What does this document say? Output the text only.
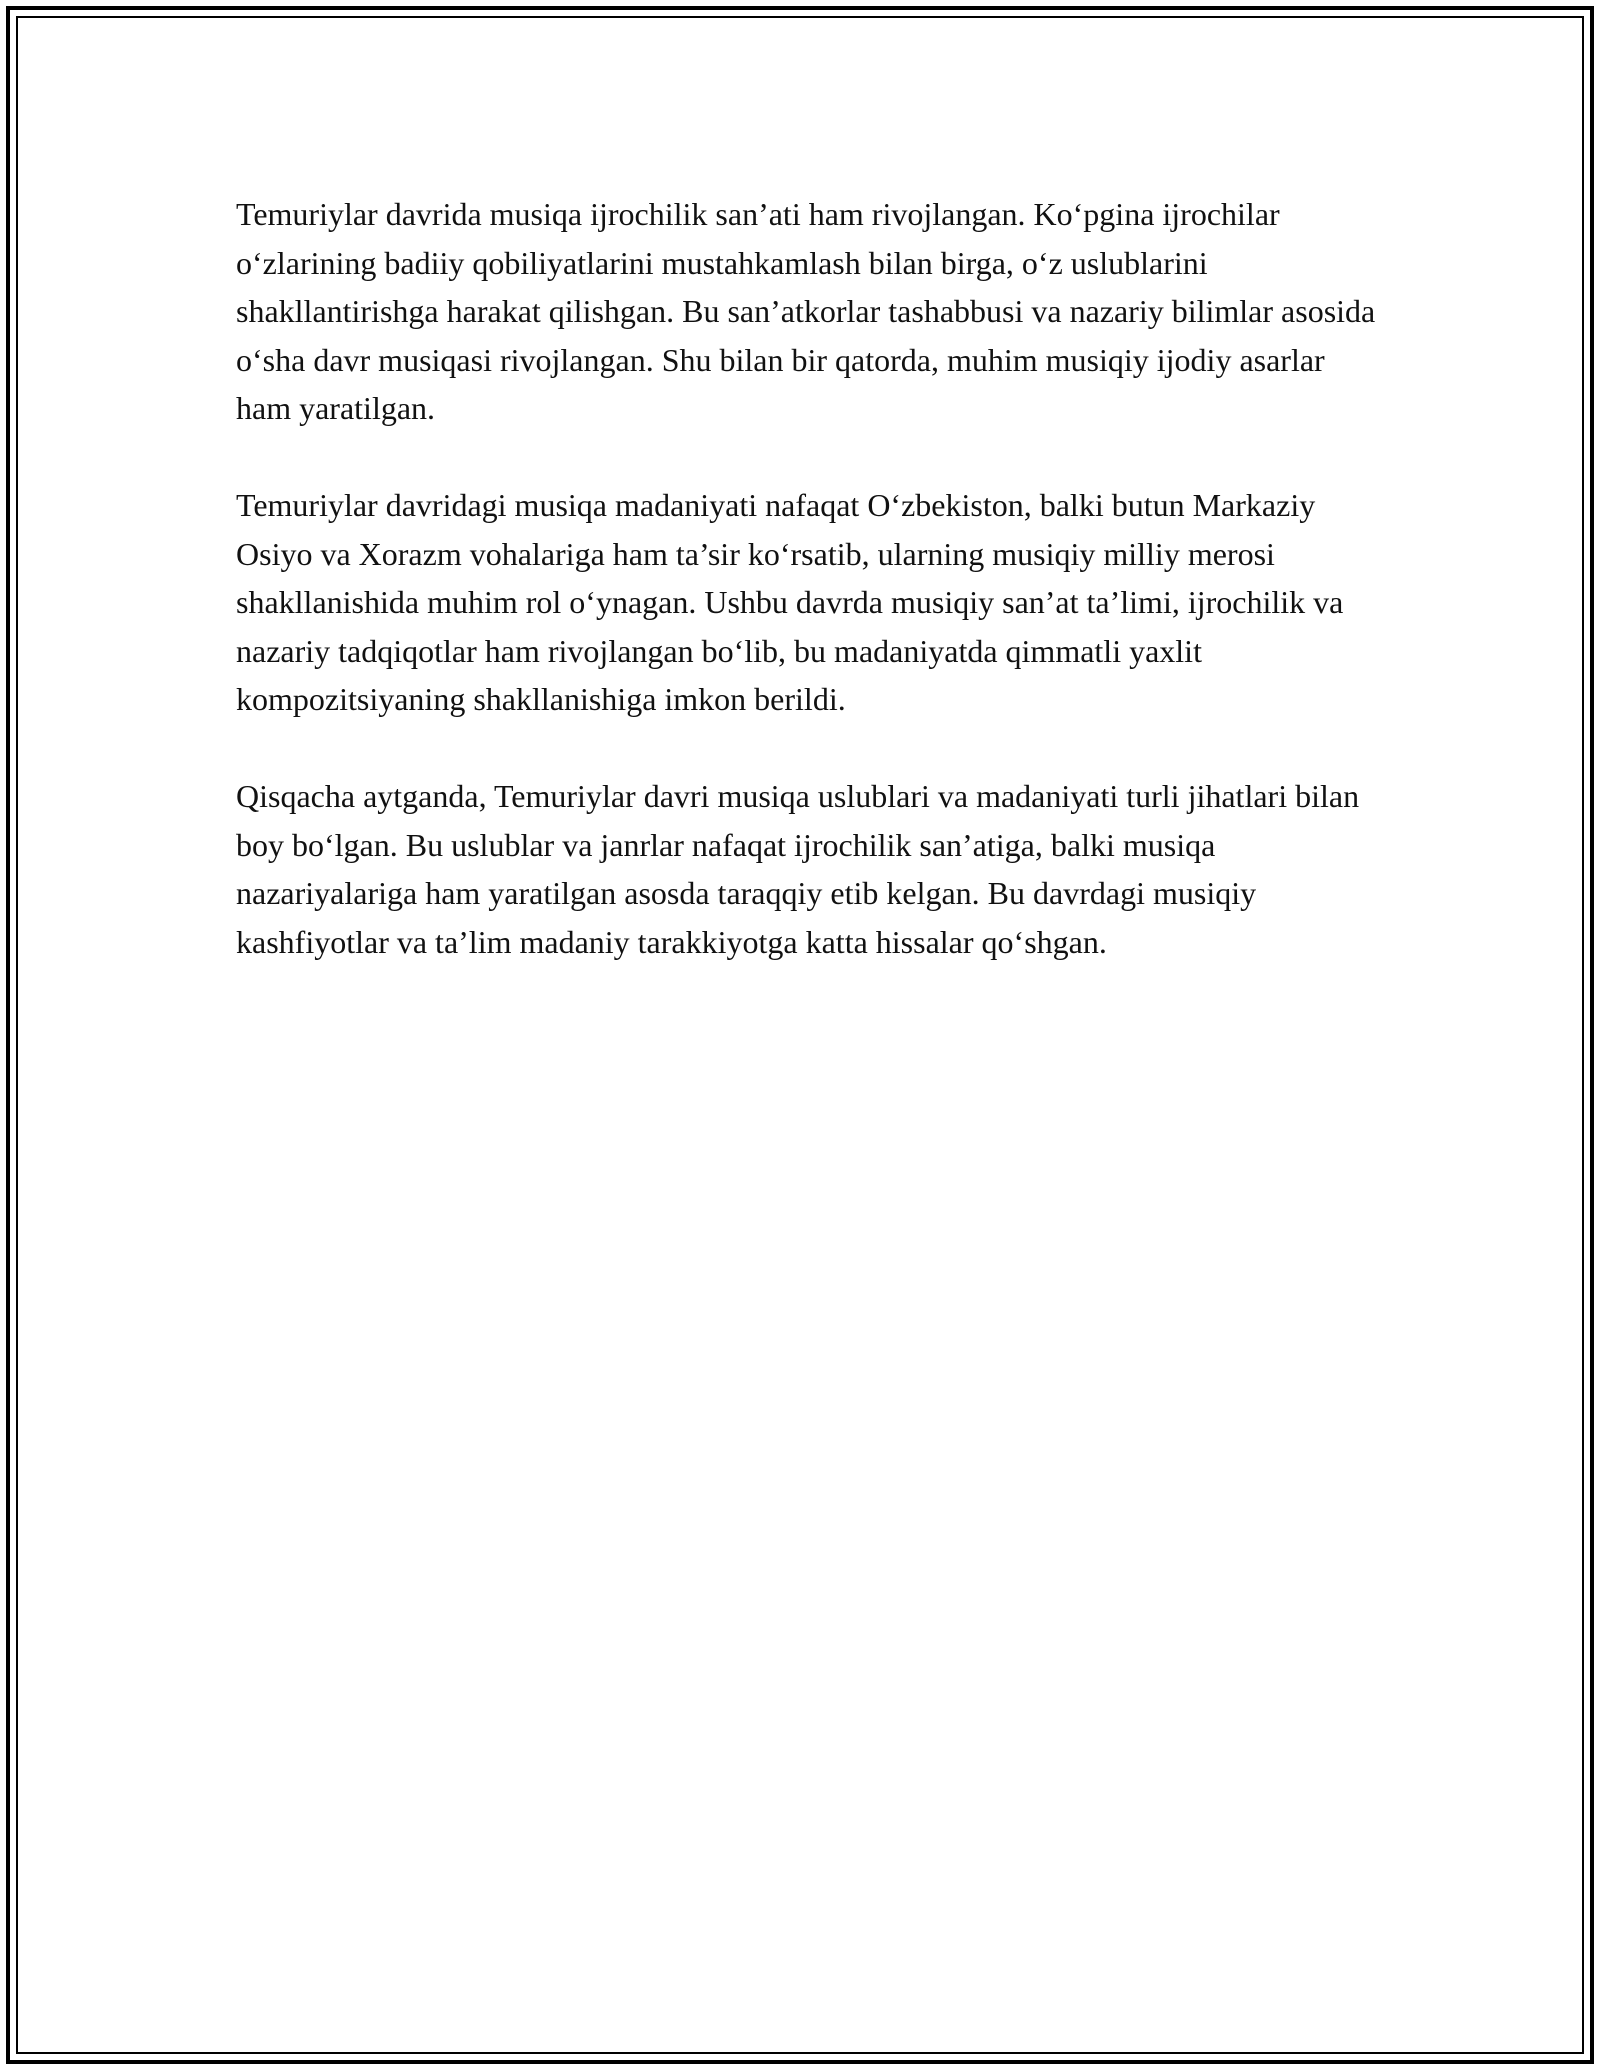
Temuriylar davrida musiqa ijrochilik san’ati ham rivojlangan. Ko‘pgina ijrochilar o‘zlarining badiiy qobiliyatlarini mustahkamlash bilan birga, o‘z uslublarini shakllantirishga harakat qilishgan. Bu san’atkorlar tashabbusi va nazariy bilimlar asosida o‘sha davr musiqasi rivojlangan. Shu bilan bir qatorda, muhim musiqiy ijodiy asarlar ham yaratilgan.

Temuriylar davridagi musiqa madaniyati nafaqat O‘zbekiston, balki butun Markaziy Osiyo va Xorazm vohalariga ham ta’sir ko‘rsatib, ularning musiqiy milliy merosi shakllanishida muhim rol o‘ynagan. Ushbu davrda musiqiy san’at ta’limi, ijrochilik va nazariy tadqiqotlar ham rivojlangan bo‘lib, bu madaniyatda qimmatli yaxlit kompozitsiyaning shakllanishiga imkon berildi.

Qisqacha aytganda, Temuriylar davri musiqa uslublari va madaniyati turli jihatlari bilan boy bo‘lgan. Bu uslublar va janrlar nafaqat ijrochilik san’atiga, balki musiqa nazariyalariga ham yaratilgan asosda taraqqiy etib kelgan. Bu davrdagi musiqiy kashfiyotlar va ta’lim madaniy tarakkiyotga katta hissalar qo‘shgan.
